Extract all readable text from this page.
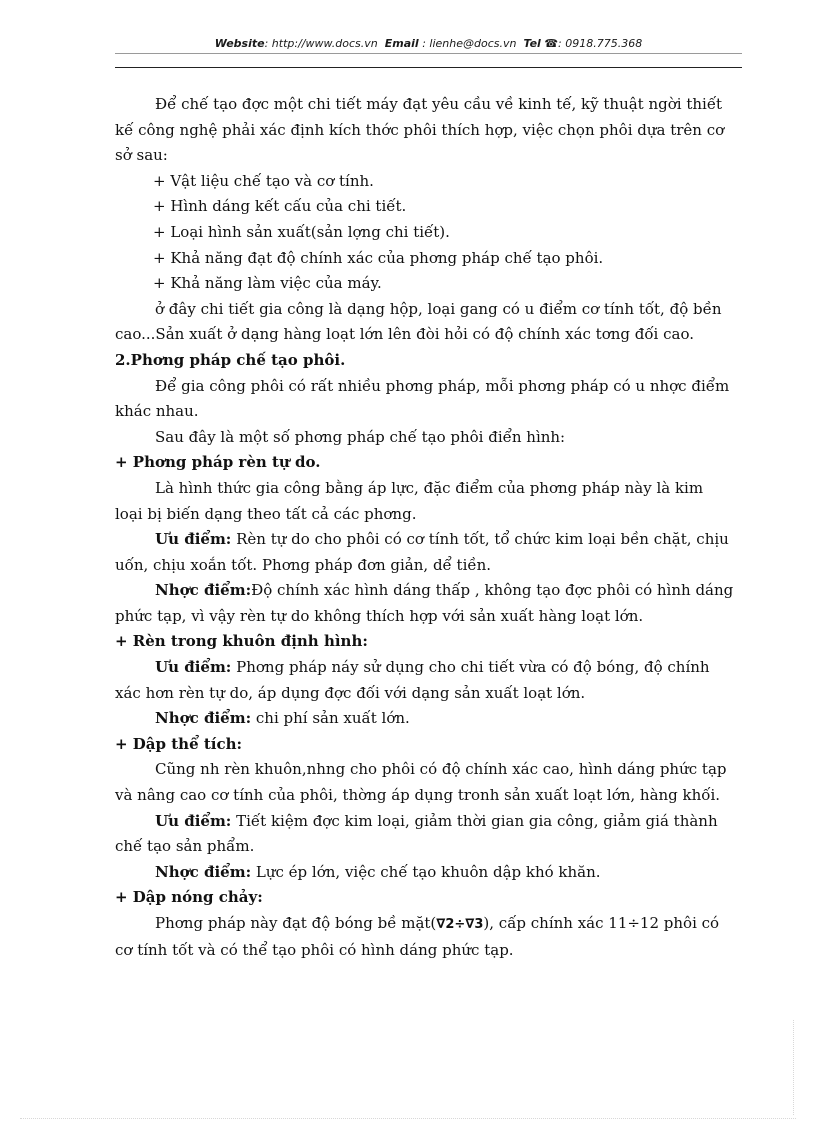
Website: http://www.docs.vn Email : lienhe@docs.vn Tel ☎: 0918.775.368

Để chế tạo đợc một chi tiết máy đạt yêu cầu về kinh tế, kỹ thuật ngời thiết kế công nghệ phải xác định kích thớc phôi thích hợp, việc chọn phôi dựa trên cơ sở sau:

+ Vật liệu chế tạo và cơ tính.

+ Hình dáng kết cấu của chi tiết.

+ Loại hình sản xuất(sản lợng chi tiết).

+ Khả năng đạt độ chính xác của phơng pháp chế tạo phôi.

+ Khả năng làm việc của máy.

ở đây chi tiết gia công là dạng hộp, loại gang có u điểm cơ tính tốt, độ bền cao...Sản xuất ở dạng hàng loạt lớn lên đòi hỏi có độ chính xác tơng đối cao.

2.Phơng pháp chế tạo phôi.

Để gia công phôi có rất nhiều phơng pháp, mỗi phơng pháp có u nhợc điểm khác nhau.

Sau đây là một số phơng pháp chế tạo phôi điển hình:

+ Phơng pháp rèn tự do.

Là hình thức gia công bằng áp lực, đặc điểm của phơng pháp này là kim loại bị biến dạng theo tất cả các phơng.

Ưu điểm: Rèn tự do cho phôi có cơ tính tốt, tổ chức kim loại bền chặt, chịu uốn, chịu xoắn tốt. Phơng pháp đơn giản, dể tiền.

Nhợc điểm:Độ chính xác hình dáng thấp , không tạo đợc phôi có hình dáng phức tạp, vì vậy rèn tự do không thích hợp với sản xuất hàng loạt lớn.

+ Rèn trong khuôn định hình:

Ưu điểm: Phơng pháp náy sử dụng cho chi tiết vừa có độ bóng, độ chính xác hơn rèn tự do, áp dụng đợc đối với dạng sản xuất loạt lớn.

Nhợc điểm: chi phí sản xuất lớn.

+ Dập thể tích:

Cũng nh rèn khuôn,nhng cho phôi có độ chính xác cao, hình dáng phức tạp và nâng cao cơ tính của phôi, thờng áp dụng tronh sản xuất loạt lớn, hàng khối.

Ưu điểm: Tiết kiệm đợc kim loại, giảm thời gian gia công, giảm giá thành chế tạo sản phẩm.

Nhợc điểm: Lực ép lớn, việc chế tạo khuôn dập khó khăn.

+ Dập nóng chảy:

Phơng pháp này đạt độ bóng bề mặt(∇2÷∇3), cấp chính xác 11÷12 phôi có cơ tính tốt và có thể tạo phôi có hình dáng phức tạp.
